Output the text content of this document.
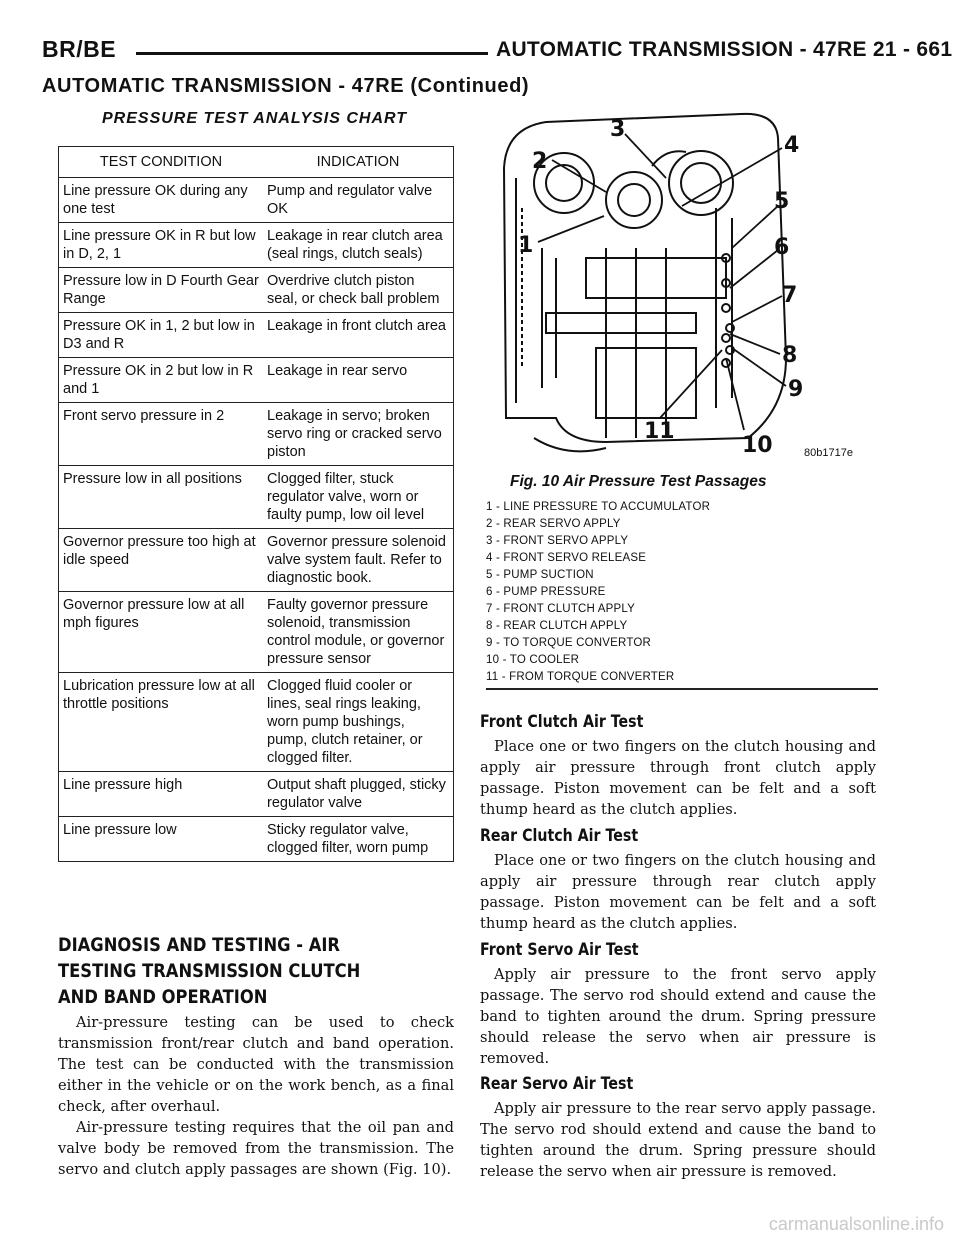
BR/BE	AUTOMATIC TRANSMISSION - 47RE 21 - 661
AUTOMATIC TRANSMISSION - 47RE (Continued)
PRESSURE TEST ANALYSIS CHART
TEST CONDITION	INDICATION
Line pressure OK during any one test	Pump and regulator valve OK
Line pressure OK in R but low in D, 2, 1	Leakage in rear clutch area (seal rings, clutch seals)
Pressure low in D Fourth Gear Range	Overdrive clutch piston seal, or check ball problem
Pressure OK in 1, 2 but low in D3 and R	Leakage in front clutch area
Pressure OK in 2 but low in R and 1	Leakage in rear servo
Front servo pressure in 2	Leakage in servo; broken servo ring or cracked servo piston
Pressure low in all positions	Clogged filter, stuck regulator valve, worn or faulty pump, low oil level
Governor pressure too high at idle speed	Governor pressure solenoid valve system fault. Refer to diagnostic book.
Governor pressure low at all mph figures	Faulty governor pressure solenoid, transmission control module, or governor pressure sensor
Lubrication pressure low at all throttle positions	Clogged fluid cooler or lines, seal rings leaking, worn pump bushings, pump, clutch retainer, or clogged filter.
Line pressure high	Output shaft plugged, sticky regulator valve
Line pressure low	Sticky regulator valve, clogged filter, worn pump
DIAGNOSIS AND TESTING - AIR TESTING TRANSMISSION CLUTCH AND BAND OPERATION

Air-pressure testing can be used to check transmission front/rear clutch and band operation. The test can be conducted with the transmission either in the vehicle or on the work bench, as a final check, after overhaul.

Air-pressure testing requires that the oil pan and valve body be removed from the transmission. The servo and clutch apply passages are shown (Fig. 10).

1
2
3
4
5
6
7
8
9
10
11
80b1717e
Fig. 10 Air Pressure Test Passages
1 - LINE PRESSURE TO ACCUMULATOR
2 - REAR SERVO APPLY
3 - FRONT SERVO APPLY
4 - FRONT SERVO RELEASE
5 - PUMP SUCTION
6 - PUMP PRESSURE
7 - FRONT CLUTCH APPLY
8 - REAR CLUTCH APPLY
9 - TO TORQUE CONVERTOR
10 - TO COOLER
11 - FROM TORQUE CONVERTER
Front Clutch Air Test

Place one or two fingers on the clutch housing and apply air pressure through front clutch apply passage. Piston movement can be felt and a soft thump heard as the clutch applies.

Rear Clutch Air Test

Place one or two fingers on the clutch housing and apply air pressure through rear clutch apply passage. Piston movement can be felt and a soft thump heard as the clutch applies.

Front Servo Air Test

Apply air pressure to the front servo apply passage. The servo rod should extend and cause the band to tighten around the drum. Spring pressure should release the servo when air pressure is removed.

Rear Servo Air Test

Apply air pressure to the rear servo apply passage. The servo rod should extend and cause the band to tighten around the drum. Spring pressure should release the servo when air pressure is removed.

carmanualsonline.info
